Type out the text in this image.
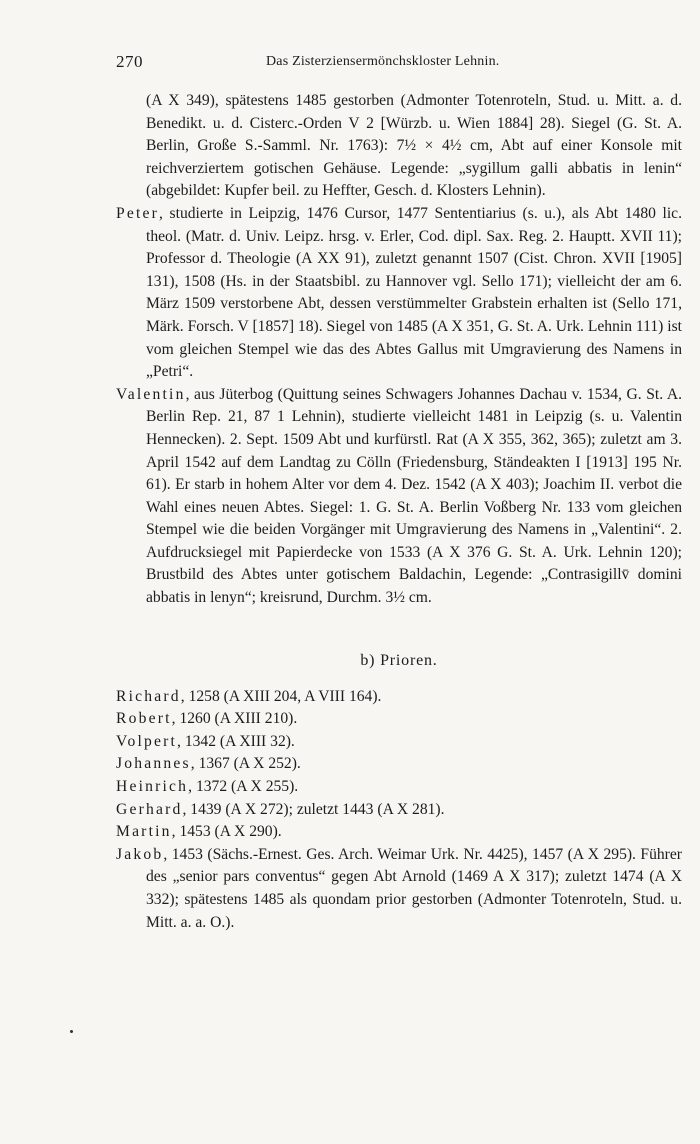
270	Das Zisterziensermönchskloster Lehnin.

(A X 349), spätestens 1485 gestorben (Admonter Totenroteln, Stud. u. Mitt. a. d. Benedikt. u. d. Cisterc.-Orden V 2 [Würzb. u. Wien 1884] 28). Siegel (G. St. A. Berlin, Große S.-Samml. Nr. 1763): 7½ × 4½ cm, Abt auf einer Konsole mit reichverziertem gotischen Gehäuse. Legende: „sygillum galli abbatis in lenin“ (abgebildet: Kupfer beil. zu Heffter, Gesch. d. Klosters Lehnin).

Peter, studierte in Leipzig, 1476 Cursor, 1477 Sententiarius (s. u.), als Abt 1480 lic. theol. (Matr. d. Univ. Leipz. hrsg. v. Erler, Cod. dipl. Sax. Reg. 2. Hauptt. XVII 11); Professor d. Theologie (A XX 91), zuletzt genannt 1507 (Cist. Chron. XVII [1905] 131), 1508 (Hs. in der Staatsbibl. zu Hannover vgl. Sello 171); vielleicht der am 6. März 1509 verstorbene Abt, dessen verstümmelter Grabstein erhalten ist (Sello 171, Märk. Forsch. V [1857] 18). Siegel von 1485 (A X 351, G. St. A. Urk. Lehnin 111) ist vom gleichen Stempel wie das des Abtes Gallus mit Umgravierung des Namens in „Petri“.

Valentin, aus Jüterbog (Quittung seines Schwagers Johannes Dachau v. 1534, G. St. A. Berlin Rep. 21, 87 1 Lehnin), studierte vielleicht 1481 in Leipzig (s. u. Valentin Hennecken). 2. Sept. 1509 Abt und kurfürstl. Rat (A X 355, 362, 365); zuletzt am 3. April 1542 auf dem Landtag zu Cölln (Friedensburg, Ständeakten I [1913] 195 Nr. 61). Er starb in hohem Alter vor dem 4. Dez. 1542 (A X 403); Joachim II. verbot die Wahl eines neuen Abtes. Siegel: 1. G. St. A. Berlin Voßberg Nr. 133 vom gleichen Stempel wie die beiden Vorgänger mit Umgravierung des Namens in „Valentini“. 2. Aufdrucksiegel mit Papierdecke von 1533 (A X 376 G. St. A. Urk. Lehnin 120); Brustbild des Abtes unter gotischem Baldachin, Legende: „Contrasigillv̄ domini abbatis in lenyn“; kreisrund, Durchm. 3½ cm.

b) Prioren.

Richard, 1258 (A XIII 204, A VIII 164).

Robert, 1260 (A XIII 210).

Volpert, 1342 (A XIII 32).

Johannes, 1367 (A X 252).

Heinrich, 1372 (A X 255).

Gerhard, 1439 (A X 272); zuletzt 1443 (A X 281).

Martin, 1453 (A X 290).

Jakob, 1453 (Sächs.-Ernest. Ges. Arch. Weimar Urk. Nr. 4425), 1457 (A X 295). Führer des „senior pars conventus“ gegen Abt Arnold (1469 A X 317); zuletzt 1474 (A X 332); spätestens 1485 als quondam prior gestorben (Admonter Totenroteln, Stud. u. Mitt. a. a. O.).
